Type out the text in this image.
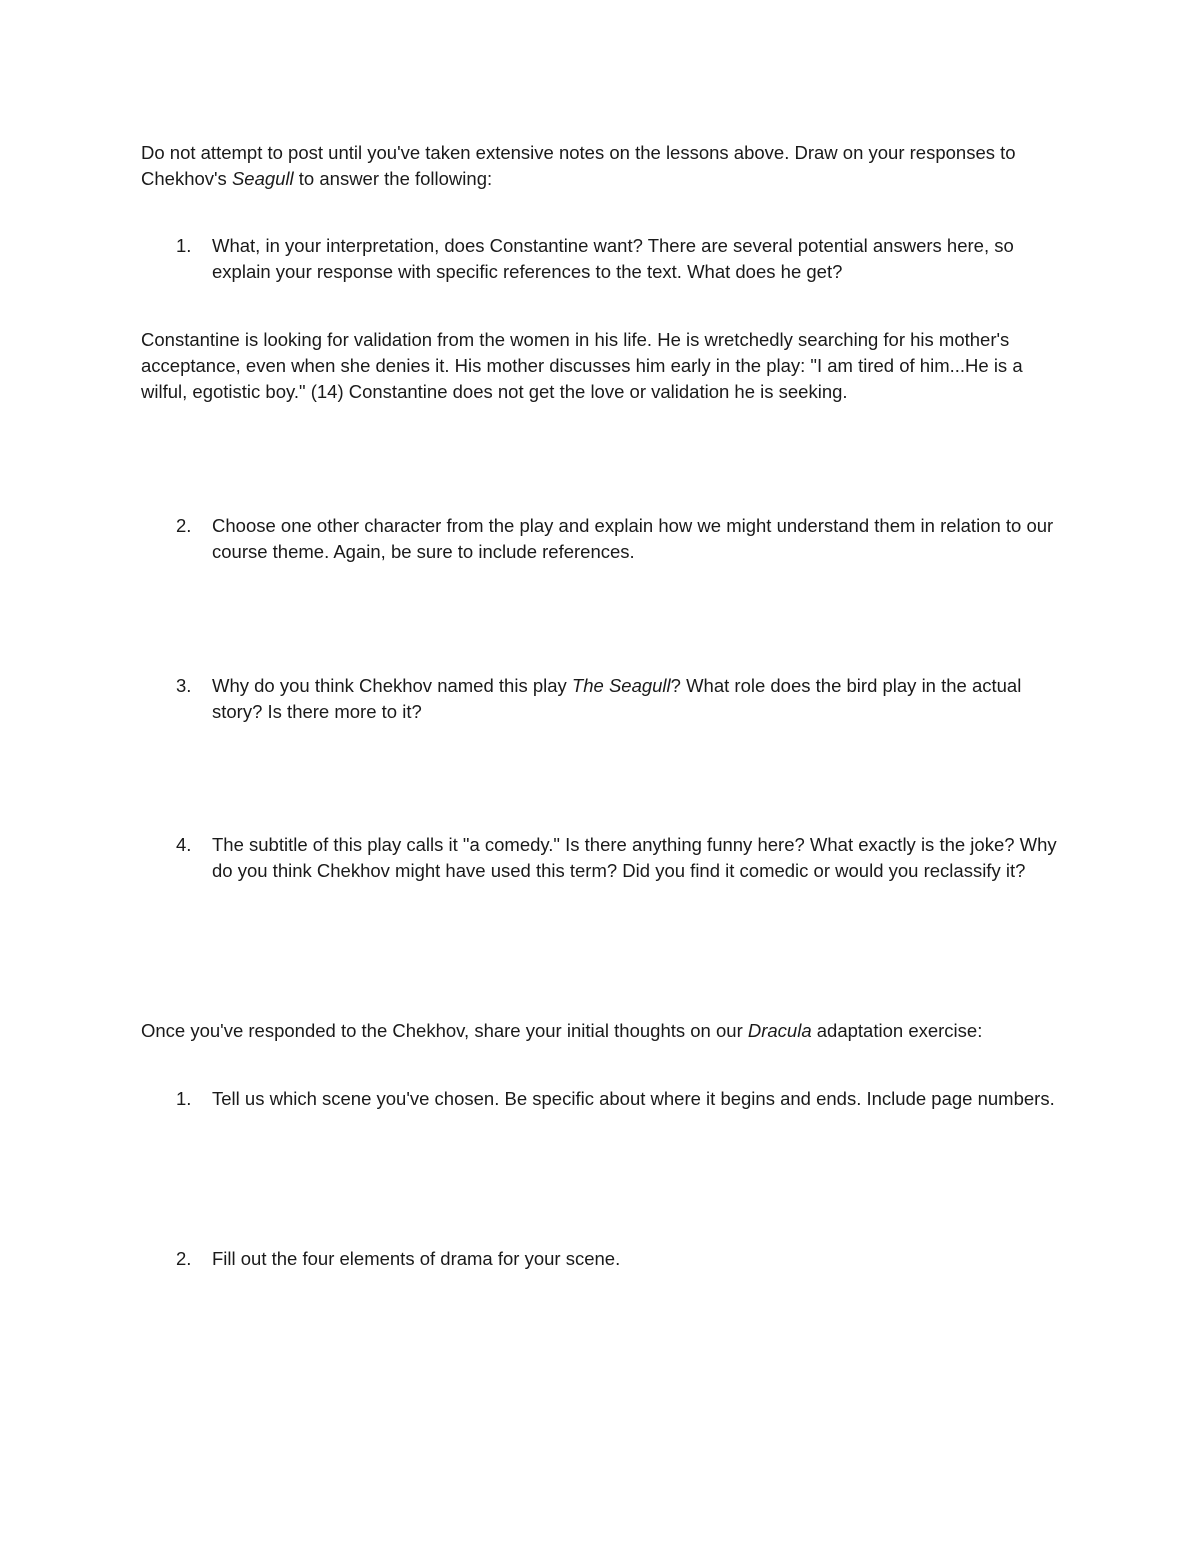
Do not attempt to post until you've taken extensive notes on the lessons above. Draw on your responses to Chekhov's Seagull to answer the following:

1.	What, in your interpretation, does Constantine want? There are several potential answers here, so explain your response with specific references to the text. What does he get?

Constantine is looking for validation from the women in his life. He is wretchedly searching for his mother's acceptance, even when she denies it. His mother discusses him early in the play: "I am tired of him...He is a wilful, egotistic boy." (14) Constantine does not get the love or validation he is seeking.

2.	Choose one other character from the play and explain how we might understand them in relation to our course theme. Again, be sure to include references.
3.	Why do you think Chekhov named this play The Seagull? What role does the bird play in the actual story? Is there more to it?
4.	The subtitle of this play calls it "a comedy." Is there anything funny here? What exactly is the joke? Why do you think Chekhov might have used this term? Did you find it comedic or would you reclassify it?

Once you've responded to the Chekhov, share your initial thoughts on our Dracula adaptation exercise:

1.	Tell us which scene you've chosen. Be specific about where it begins and ends. Include page numbers.
2.	Fill out the four elements of drama for your scene.
